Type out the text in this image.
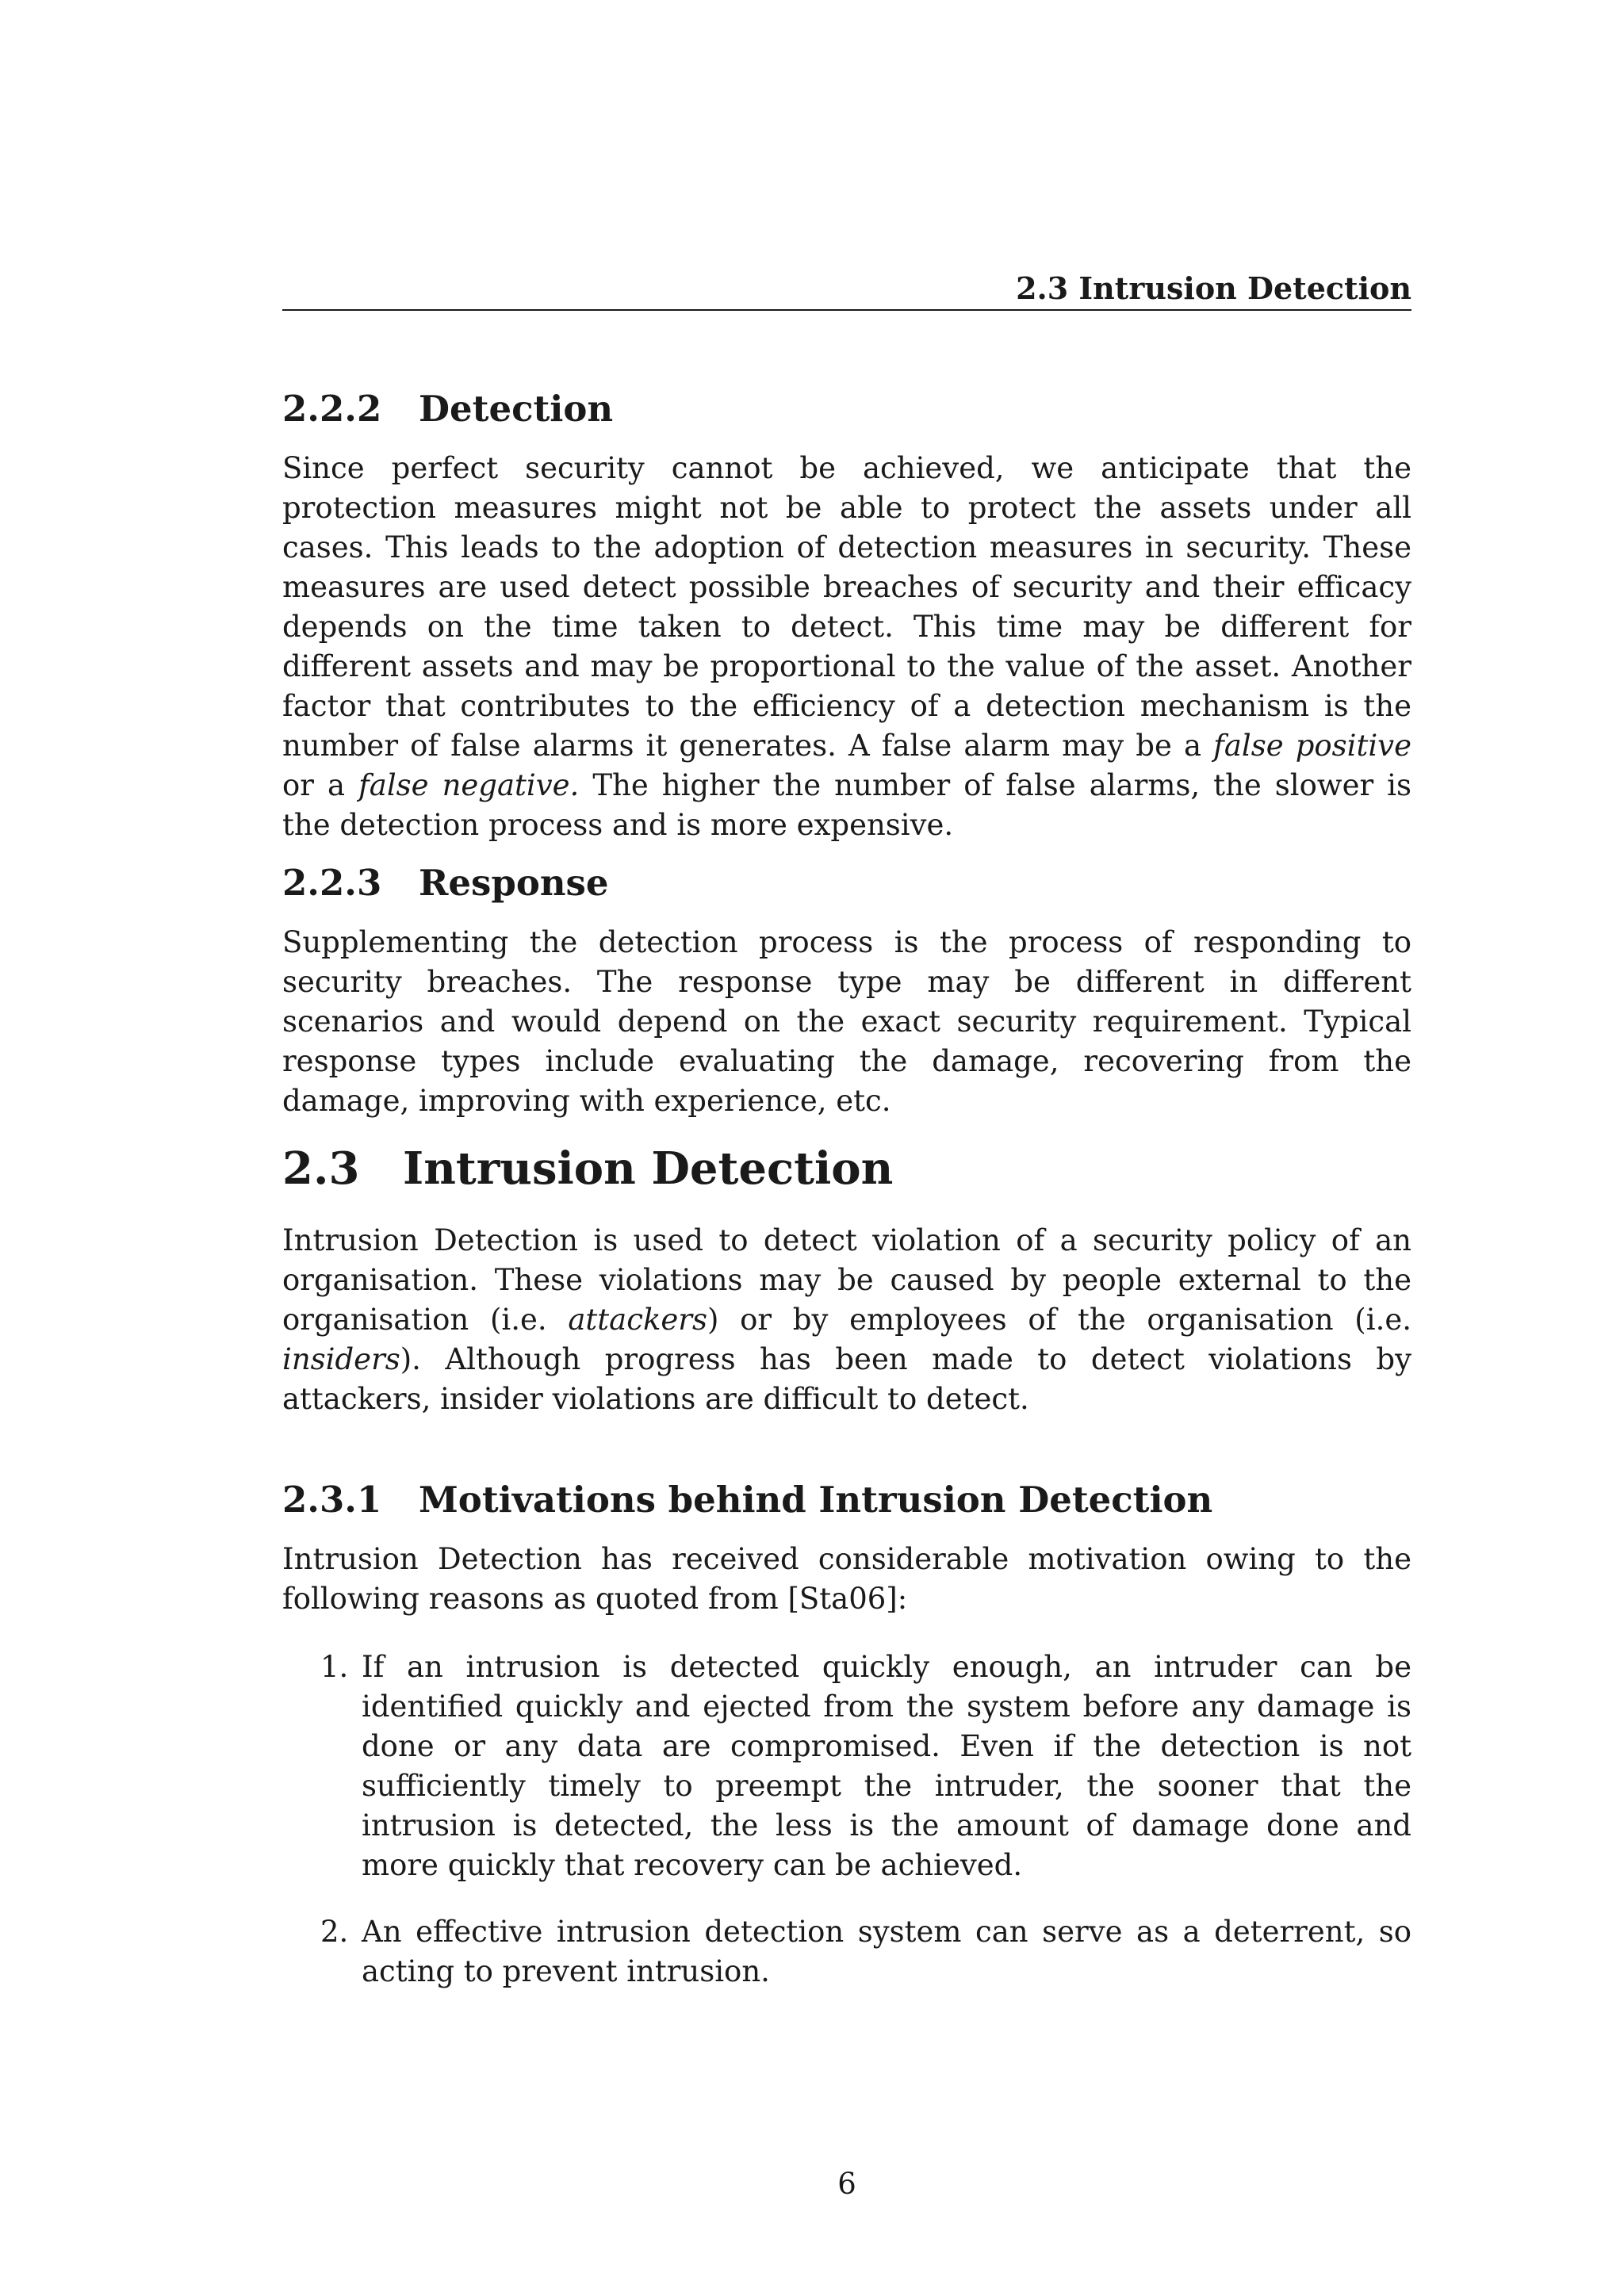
2.3 Intrusion Detection
2.2.2 Detection

Since perfect security cannot be achieved, we anticipate that the protection measures might not be able to protect the assets under all cases. This leads to the adoption of detection measures in security. These measures are used detect possible breaches of security and their efficacy depends on the time taken to detect. This time may be different for different assets and may be proportional to the value of the asset. Another factor that contributes to the efficiency of a detection mechanism is the number of false alarms it generates. A false alarm may be a false positive or a false negative. The higher the number of false alarms, the slower is the detection process and is more expensive.

2.2.3 Response

Supplementing the detection process is the process of responding to security breaches. The response type may be different in different scenarios and would depend on the exact security requirement. Typical response types include evaluating the damage, recovering from the damage, improving with experience, etc.

2.3 Intrusion Detection

Intrusion Detection is used to detect violation of a security policy of an organisation. These violations may be caused by people external to the organisation (i.e. attackers) or by employees of the organisation (i.e. insiders). Although progress has been made to detect violations by attackers, insider violations are difficult to detect.

2.3.1 Motivations behind Intrusion Detection

Intrusion Detection has received considerable motivation owing to the following reasons as quoted from [Sta06]:

1. If an intrusion is detected quickly enough, an intruder can be identified quickly and ejected from the system before any damage is done or any data are compromised. Even if the detection is not sufficiently timely to preempt the intruder, the sooner that the intrusion is detected, the less is the amount of damage done and more quickly that recovery can be achieved.
2. An effective intrusion detection system can serve as a deterrent, so acting to prevent intrusion.
6
